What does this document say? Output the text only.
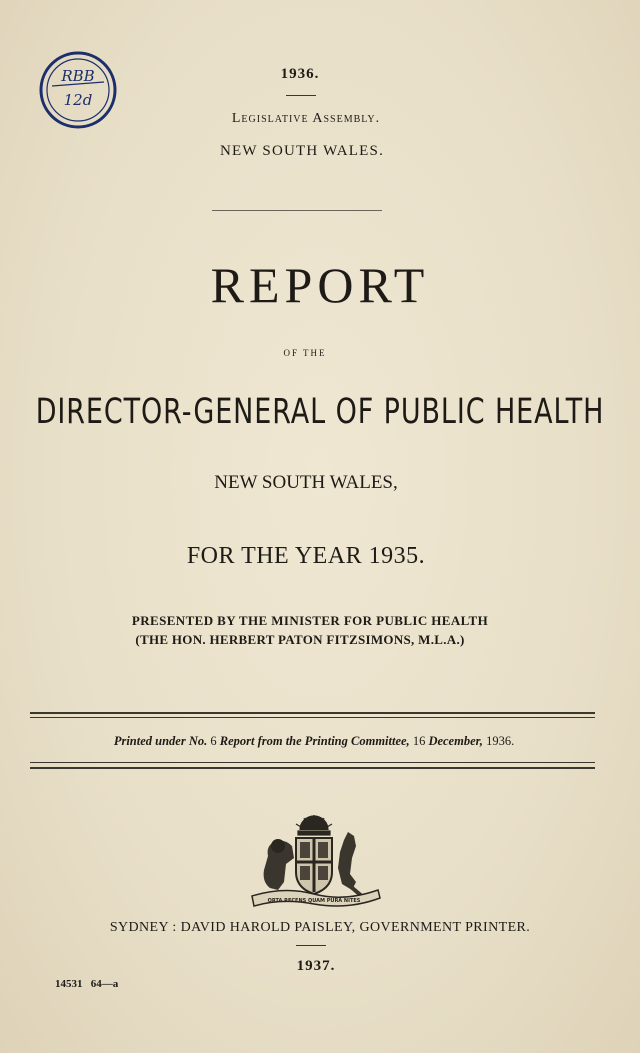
RBB
12d
1936.
Legislative Assembly.
NEW SOUTH WALES.
REPORT
OF THE
DIRECTOR-GENERAL OF PUBLIC HEALTH
NEW SOUTH WALES,
FOR THE YEAR 1935.
PRESENTED BY THE MINISTER FOR PUBLIC HEALTH
(THE HON. HERBERT PATON FITZSIMONS, M.L.A.)
Printed under No. 6 Report from the Printing Committee, 16 December, 1936.
ORTA RECENS QUAM PURA NITES
SYDNEY : DAVID HAROLD PAISLEY, GOVERNMENT PRINTER.
1937.
14531   64—a
